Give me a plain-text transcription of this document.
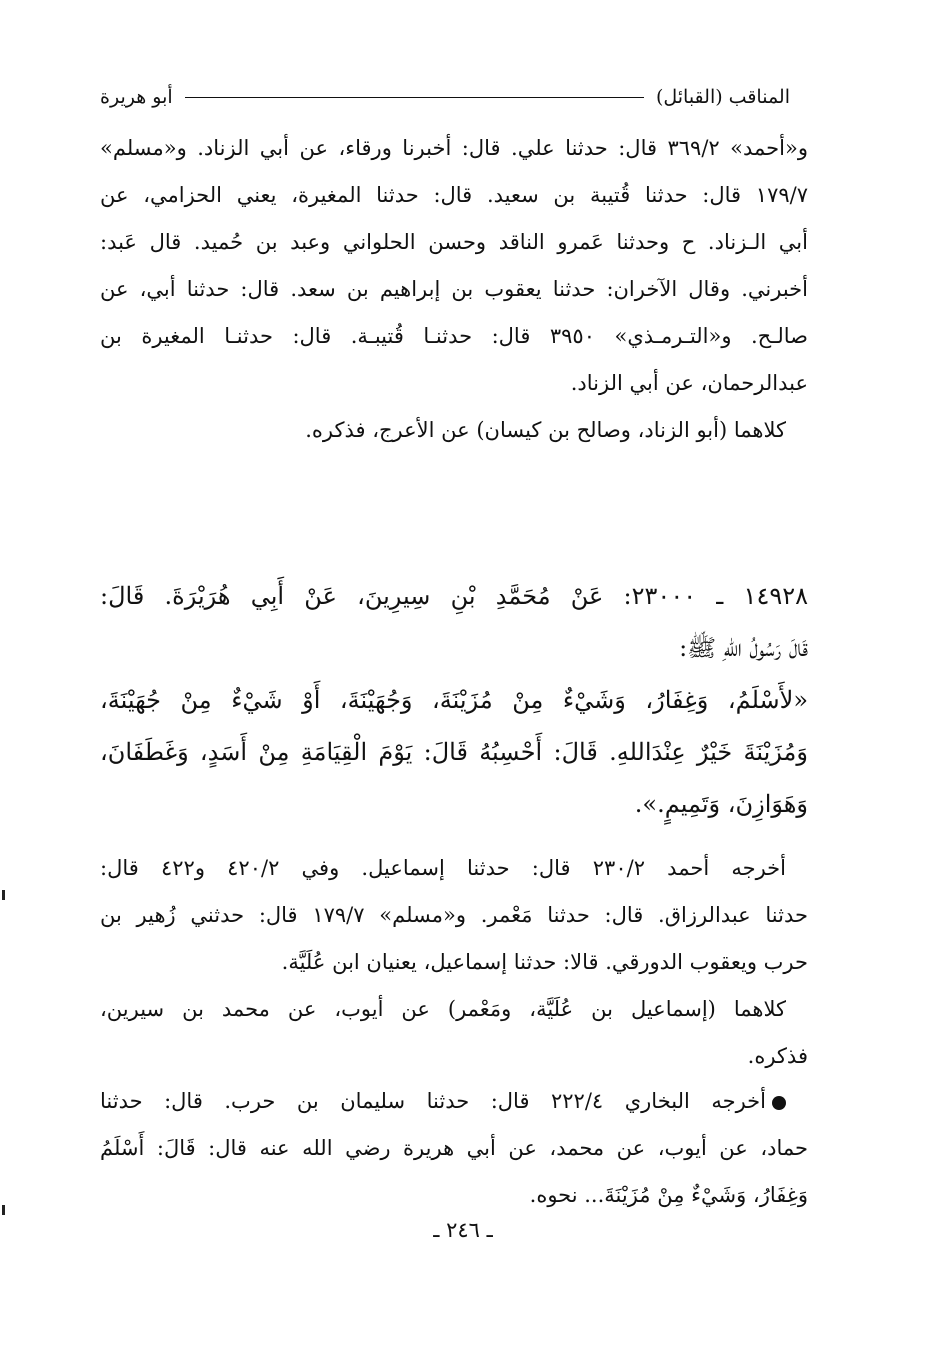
المناقب (القبائل)
أبو هريرة
و«أحمد» ٣٦٩/٢ قال: حدثنا علي. قال: أخبرنا ورقاء، عن أبي الزناد. و«مسلم»
١٧٩/٧ قال: حدثنا قُتيبة بن سعيد. قال: حدثنا المغيرة، يعني الحزامي، عن
أبي الـزناد. ح وحدثنا عَمرو الناقد وحسن الحلواني وعبد بن حُميد. قال عَبد:
أخبرني. وقال الآخران: حدثنا يعقوب بن إبراهيم بن سعد. قال: حدثنا أبي، عن
صالـح. و«التـرمـذي» ٣٩٥٠ قال: حدثنـا قُتيبـة. قال: حدثنـا المغيرة بن
عبدالرحمان، عن أبي الزناد.
كلاهما (أبو الزناد، وصالح بن كيسان) عن الأعرج، فذكره.
١٤٩٢٨ ـ ٢٣٠٠٠: عَنْ مُحَمَّدِ بْنِ سِيرِينَ، عَنْ أَبِي هُرَيْرَةَ. قَالَ:
قَالَ رَسُولُ اللهِ ﷺ:
«لأَسْلَمُ، وَغِفَارُ، وَشَيْءٌ مِنْ مُزَيْنَةَ، وَجُهَيْنَةَ، أَوْ شَيْءٌ مِنْ جُهَيْنَةَ،
وَمُزَيْنَةَ خَيْرٌ عِنْدَاللهِ. قَالَ: أَحْسِبُهُ قَالَ: يَوْمَ الْقِيَامَةِ مِنْ أَسَدٍ، وَغَطَفَانَ،
وَهَوَازِنَ، وَتَمِيمٍ.».
أخرجه أحمد ٢٣٠/٢ قال: حدثنا إسماعيل. وفي ٤٢٠/٢ و٤٢٢ قال:
حدثنا عبدالرزاق. قال: حدثنا مَعْمر. و«مسلم» ١٧٩/٧ قال: حدثني زُهير بن
حرب ويعقوب الدورقي. قالا: حدثنا إسماعيل، يعنيان ابن عُلَيَّة.
كلاهما (إسماعيل بن عُلَيَّة، ومَعْمر) عن أيوب، عن محمد بن سيرين،
فذكره.
أخرجه البخاري ٢٢٢/٤ قال: حدثنا سليمان بن حرب. قال: حدثنا
حماد، عن أيوب، عن محمد، عن أبي هريرة رضي الله عنه قال: قَالَ: أَسْلَمُ
وَغِفَارُ، وَشَيْءٌ مِنْ مُزَيْنَةَ... نحوه.
ـ ٢٤٦ ـ
